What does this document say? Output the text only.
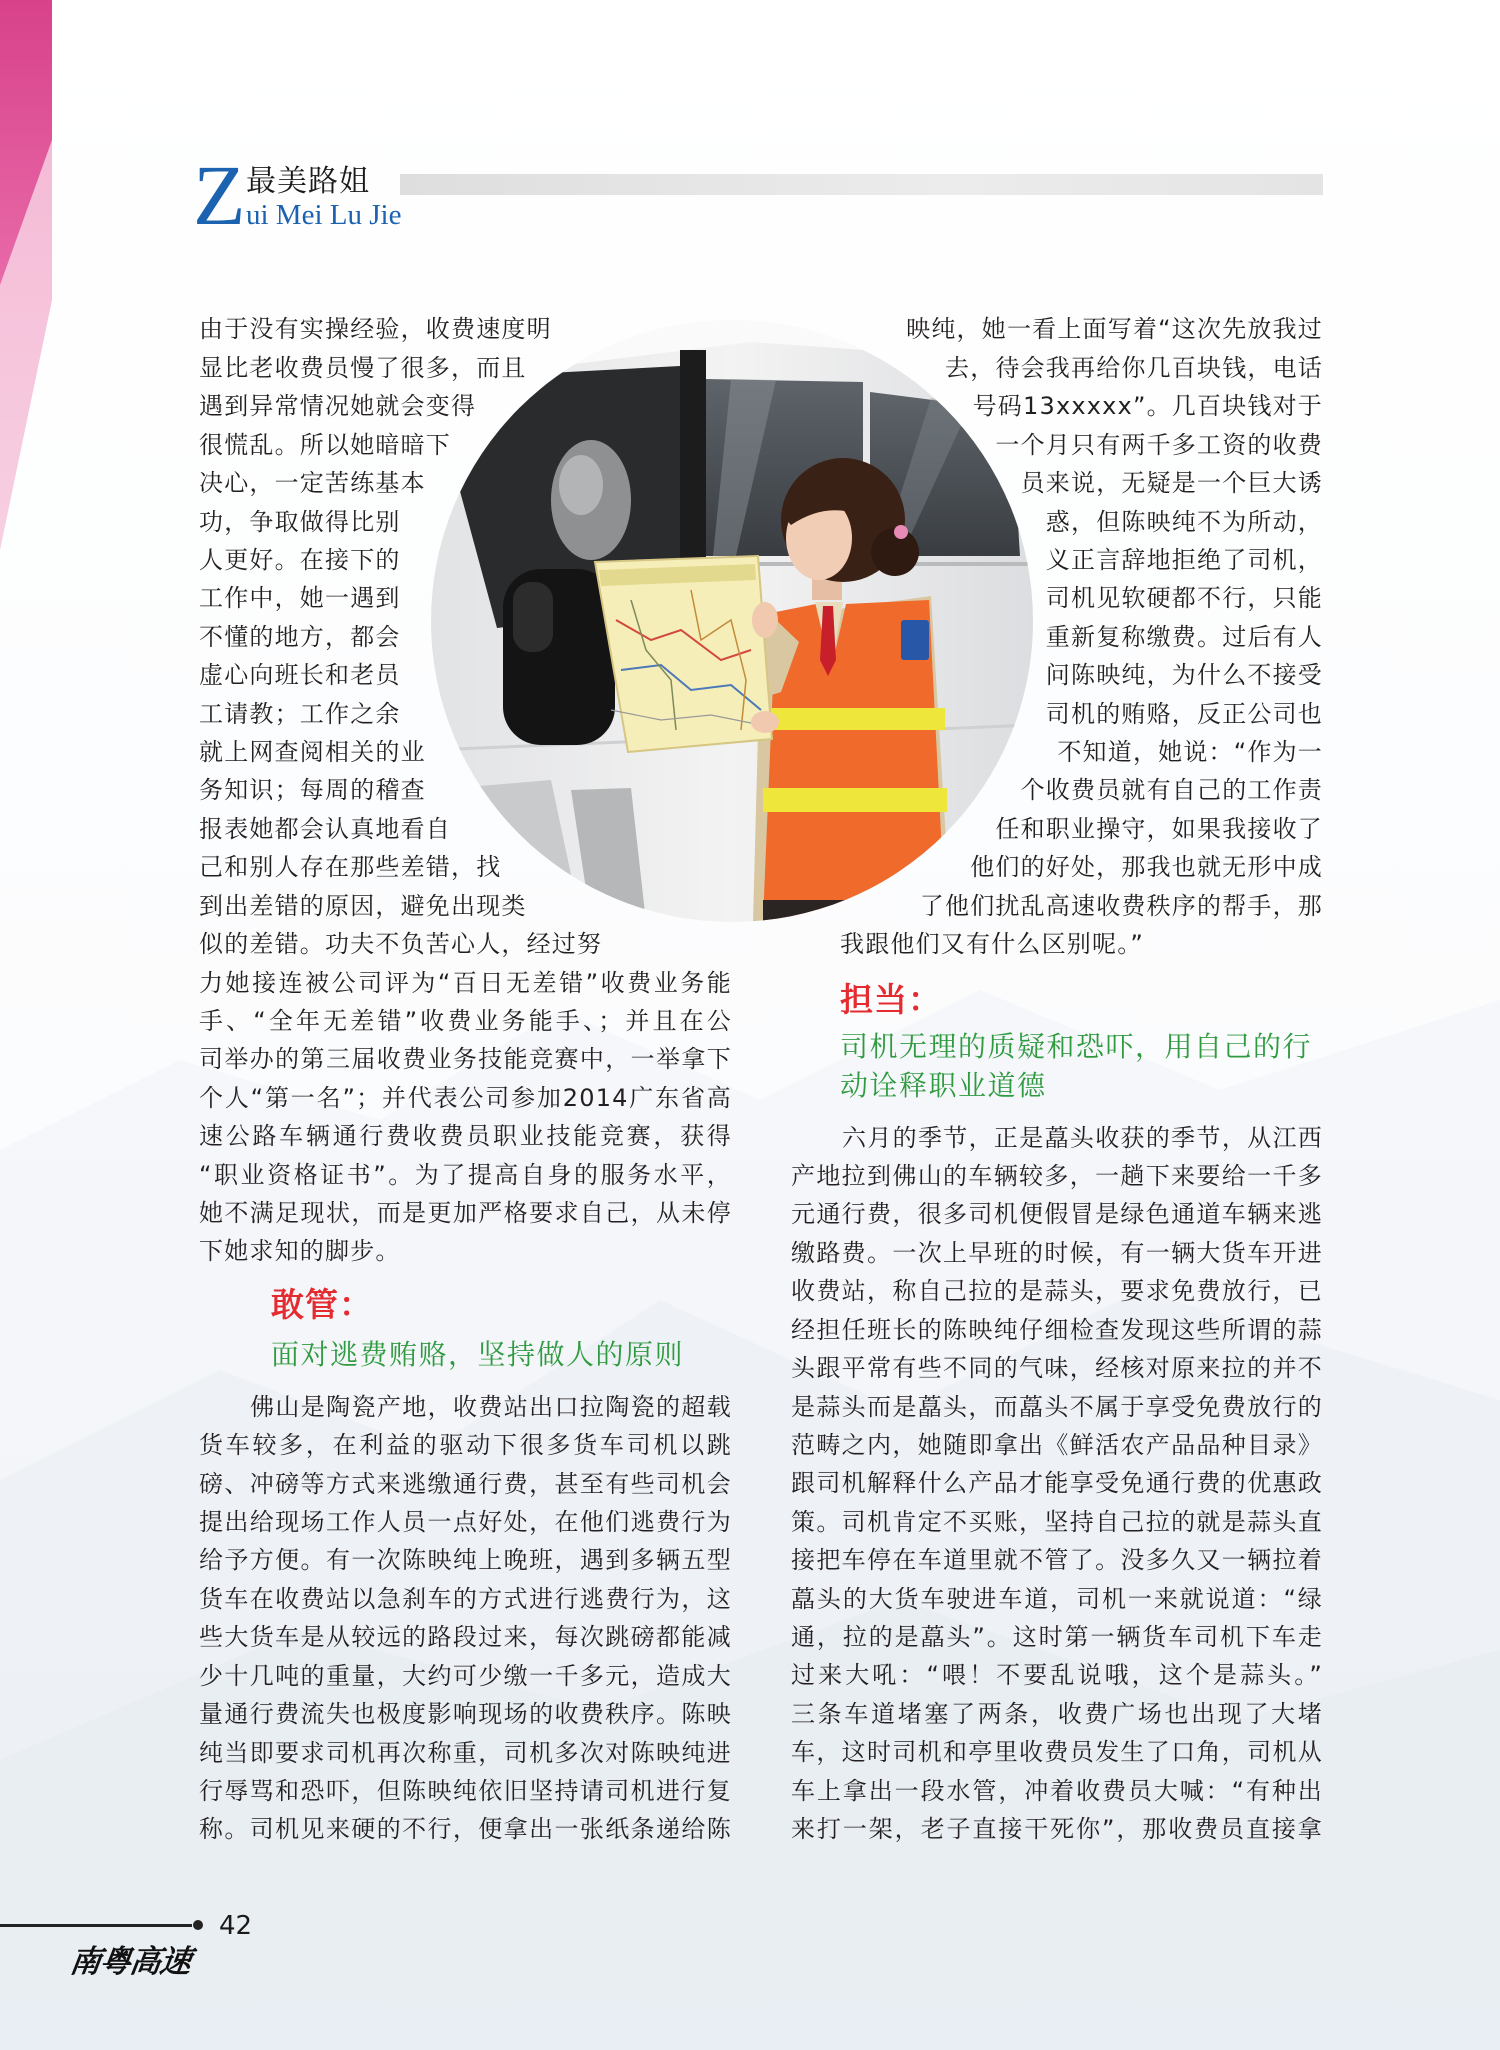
Z 最美路姐
ui Mei Lu Jie
敢管：
面对逃费贿赂，坚持做人的原则
担当：
司机无理的质疑和恐吓，用自己的行
动诠释职业道德
由于没有实操经验，收费速度明
显比老收费员慢了很多，而且
遇到异常情况她就会变得
很慌乱。所以她暗暗下
决心，一定苦练基本
功，争取做得比别
人更好。在接下的
工作中，她一遇到
不懂的地方，都会
虚心向班长和老员
工请教；工作之余
就上网查阅相关的业
务知识；每周的稽查
报表她都会认真地看自
己和别人存在那些差错，找
到出差错的原因，避免出现类
似的差错。功夫不负苦心人，经过努
力她接连被公司评为“百日无差错”收费业务能
手、“全年无差错”收费业务能手、；并且在公
司举办的第三届收费业务技能竞赛中，一举拿下
个人“第一名”；并代表公司参加2014广东省高
速公路车辆通行费收费员职业技能竞赛，获得
“职业资格证书”。为了提高自身的服务水平，
她不满足现状，而是更加严格要求自己，从未停
下她求知的脚步。
佛山是陶瓷产地，收费站出口拉陶瓷的超载
货车较多，在利益的驱动下很多货车司机以跳
磅、冲磅等方式来逃缴通行费，甚至有些司机会
提出给现场工作人员一点好处，在他们逃费行为
给予方便。有一次陈映纯上晚班，遇到多辆五型
货车在收费站以急刹车的方式进行逃费行为，这
些大货车是从较远的路段过来，每次跳磅都能减
少十几吨的重量，大约可少缴一千多元，造成大
量通行费流失也极度影响现场的收费秩序。陈映
纯当即要求司机再次称重，司机多次对陈映纯进
行辱骂和恐吓，但陈映纯依旧坚持请司机进行复
称。司机见来硬的不行，便拿出一张纸条递给陈
映纯，她一看上面写着“这次先放我过
去，待会我再给你几百块钱，电话
号码13xxxxx”。几百块钱对于
一个月只有两千多工资的收费
员来说，无疑是一个巨大诱
惑，但陈映纯不为所动，
义正言辞地拒绝了司机，
司机见软硬都不行，只能
重新复称缴费。过后有人
问陈映纯，为什么不接受
司机的贿赂，反正公司也
不知道，她说：“作为一
个收费员就有自己的工作责
任和职业操守，如果我接收了
他们的好处，那我也就无形中成
了他们扰乱高速收费秩序的帮手，那
我跟他们又有什么区别呢。”
六月的季节，正是藠头收获的季节，从江西
产地拉到佛山的车辆较多，一趟下来要给一千多
元通行费，很多司机便假冒是绿色通道车辆来逃
缴路费。一次上早班的时候，有一辆大货车开进
收费站，称自己拉的是蒜头，要求免费放行，已
经担任班长的陈映纯仔细检查发现这些所谓的蒜
头跟平常有些不同的气味，经核对原来拉的并不
是蒜头而是藠头，而藠头不属于享受免费放行的
范畴之内，她随即拿出《鲜活农产品品种目录》
跟司机解释什么产品才能享受免通行费的优惠政
策。司机肯定不买账，坚持自己拉的就是蒜头直
接把车停在车道里就不管了。没多久又一辆拉着
藠头的大货车驶进车道，司机一来就说道：“绿
通，拉的是藠头”。这时第一辆货车司机下车走
过来大吼：“喂！不要乱说哦，这个是蒜头。”
三条车道堵塞了两条，收费广场也出现了大堵
车，这时司机和亭里收费员发生了口角，司机从
车上拿出一段水管，冲着收费员大喊：“有种出
来打一架，老子直接干死你”，那收费员直接拿
42
南粤高速
